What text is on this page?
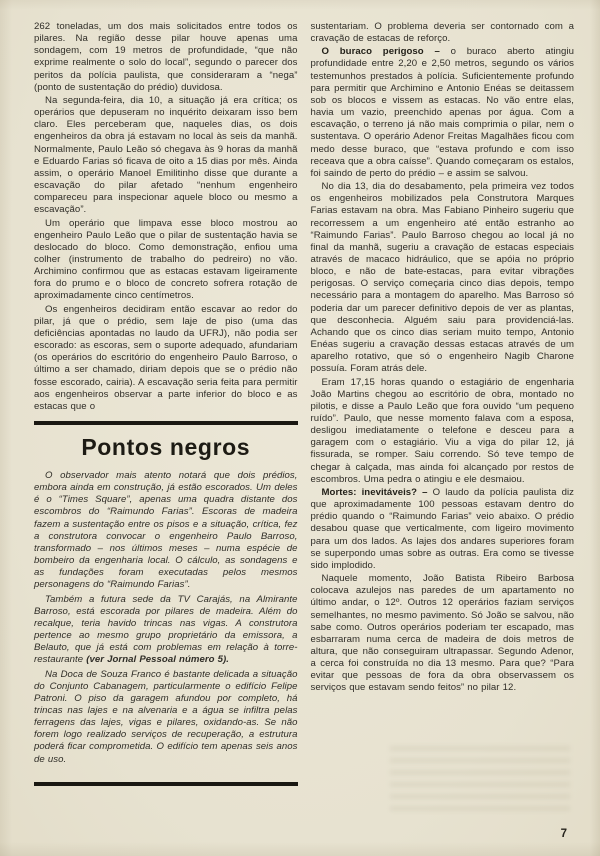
262 toneladas, um dos mais solicitados entre todos os pilares. Na região desse pilar houve apenas uma sondagem, com 19 metros de profundidade, “que não exprime realmente o solo do local”, segundo o parecer dos peritos da polícia paulista, que consideraram a “nega” (ponto de sustentação do prédio) duvidosa.

Na segunda-feira, dia 10, a situação já era crítica; os operários que depuseram no inquérito deixaram isso bem claro. Eles perceberam que, naqueles dias, os dois engenheiros da obra já estavam no local às seis da manhã. Normalmente, Paulo Leão só chegava às 9 horas da manhã e Eduardo Farias só ficava de oito a 15 dias por mês. Ainda assim, o operário Manoel Emilitinho disse que durante a escavação do pilar afetado “nenhum engenheiro compareceu para inspecionar aquele bloco ou mesmo a escavação”.

Um operário que limpava esse bloco mostrou ao engenheiro Paulo Leão que o pilar de sustentação havia se deslocado do bloco. Como demonstração, enfiou uma colher (instrumento de trabalho do pedreiro) no vão. Archimino confirmou que as estacas estavam ligeiramente fora do prumo e o bloco de concreto sofrera rotação de aproximadamente cinco centímetros.

Os engenheiros decidiram então escavar ao redor do pilar, já que o prédio, sem laje de piso (uma das deficiências apontadas no laudo da UFRJ), não podia ser escorado: as escoras, sem o suporte adequado, afundariam (os operários do escritório do engenheiro Paulo Barroso, o último a ser chamado, diriam depois que se o prédio não fosse escorado, cairia). A escavação seria feita para permitir aos engenheiros observar a parte inferior do bloco e as estacas que o

Pontos negros

O observador mais atento notará que dois prédios, embora ainda em construção, já estão escorados. Um deles é o “Times Square”, apenas uma quadra distante dos escombros do “Raimundo Farias”. Escoras de madeira fazem a sustentação entre os pisos e a situação, crítica, fez a construtora convocar o engenheiro Paulo Barroso, transformado – nos últimos meses – numa espécie de bombeiro da engenharia local. O cálculo, as sondagens e as fundações foram executadas pelos mesmos personagens do “Raimundo Farias”.

Também a futura sede da TV Carajás, na Almirante Barroso, está escorada por pilares de madeira. Além do recalque, teria havido trincas nas vigas. A construtora pertence ao mesmo grupo proprietário da emissora, a Belauto, que já está com problemas em relação à torre-restaurante (ver Jornal Pessoal número 5).

Na Doca de Souza Franco é bastante delicada a situação do Conjunto Cabanagem, particularmente o edifício Felipe Patroni. O piso da garagem afundou por completo, há trincas nas lajes e na alvenaria e a água se infiltra pelas ferragens das lajes, vigas e pilares, oxidando-as. Se não forem logo realizado serviços de recuperação, a estrutura poderá ficar comprometida. O edifício tem apenas seis anos de uso.

sustentariam. O problema deveria ser contornado com a cravação de estacas de reforço.

O buraco perigoso – o buraco aberto atingiu profundidade entre 2,20 e 2,50 metros, segundo os vários testemunhos prestados à polícia. Suficientemente profundo para permitir que Archimino e Antonio Enéas se deitassem sob os blocos e vissem as estacas. No vão entre elas, havia um vazio, preenchido apenas por água. Com a escavação, o terreno já não mais comprimia o pilar, nem o sustentava. O operário Adenor Freitas Magalhães ficou com medo desse buraco, que “estava profundo e com isso receava que a obra caísse”. Quando começaram os estalos, foi saindo de perto do prédio – e assim se salvou.

No dia 13, dia do desabamento, pela primeira vez todos os engenheiros mobilizados pela Construtora Marques Farias estavam na obra. Mas Fabiano Pinheiro sugeriu que recorressem a um engenheiro até então estranho ao “Raimundo Farias”. Paulo Barroso chegou ao local já no final da manhã, sugeriu a cravação de estacas especiais através de macaco hidráulico, que se apóia no próprio bloco, e não de bate-estacas, para evitar vibrações perigosas. O serviço começaria cinco dias depois, tempo necessário para a montagem do aparelho. Mas Barroso só poderia dar um parecer definitivo depois de ver as plantas, que desconhecia. Alguém saiu para providenciá-las. Achando que os cinco dias seriam muito tempo, Antonio Enéas sugeriu a cravação dessas estacas através de um aparelho rotativo, que só o engenheiro Nagib Charone possuía. Foram atrás dele.

Eram 17,15 horas quando o estagiário de engenharia João Martins chegou ao escritório de obra, montado no pilotis, e disse a Paulo Leão que fora ouvido “um pequeno ruído”. Paulo, que nesse momento falava com a esposa, desligou imediatamente o telefone e desceu para a garagem com o estagiário. Viu a viga do pilar 12, já fissurada, se romper. Saiu correndo. Só teve tempo de chegar à calçada, mas ainda foi alcançado por restos de escombros. Uma pedra o atingiu e ele desmaiou.

Mortes: inevitáveis? – O laudo da polícia paulista diz que aproximadamente 100 pessoas estavam dentro do prédio quando o “Raimundo Farias” veio abaixo. O prédio desabou quase que verticalmente, com ligeiro movimento para um dos lados. As lajes dos andares superiores foram se superpondo umas sobre as outras. Era como se tivesse sido implodido.

Naquele momento, João Batista Ribeiro Barbosa colocava azulejos nas paredes de um apartamento no último andar, o 12º. Outros 12 operários faziam serviços semelhantes, no mesmo pavimento. Só João se salvou, não sabe como. Outros operários poderiam ter escapado, mas esbarraram numa cerca de madeira de dois metros de altura, que não conseguiram ultrapassar. Segundo Adenor, a cerca foi construída no dia 13 mesmo. Para que? “Para evitar que pessoas de fora da obra observassem os serviços que estavam sendo feitos” no pilar 12.

7
